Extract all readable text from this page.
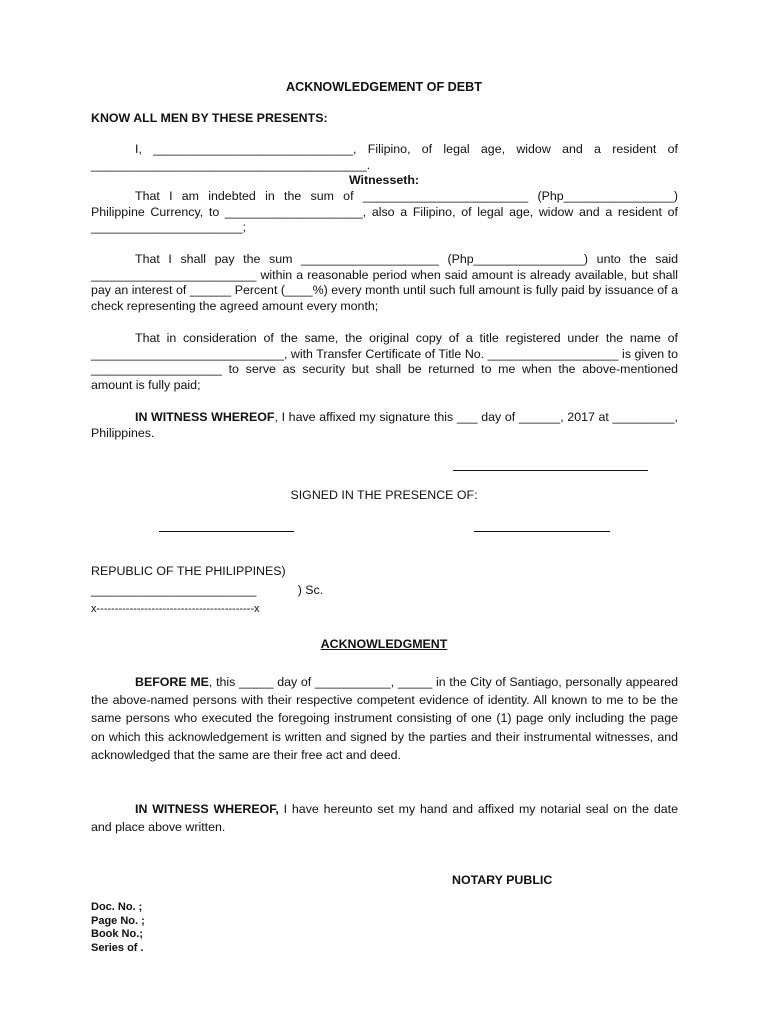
ACKNOWLEDGEMENT OF DEBT
KNOW ALL MEN BY THESE PRESENTS:

I, _____________________________, Filipino, of legal age, widow and a resident of ________________________________________.

Witnesseth:

That I am indebted in the sum of ________________________ (Php________________) Philippine Currency, to ____________________, also a Filipino, of legal age, widow and a resident of ______________________;

That I shall pay the sum ____________________ (Php________________) unto the said ________________________ within a reasonable period when said amount is already available, but shall pay an interest of ______ Percent (____%) every month until such full amount is fully paid by issuance of a check representing the agreed amount every month;

That in consideration of the same, the original copy of a title registered under the name of ____________________________, with Transfer Certificate of Title No. ___________________ is given to ___________________ to serve as security but shall be returned to me when the above-mentioned amount is fully paid;

IN WITNESS WHEREOF, I have affixed my signature this ___ day of ______, 2017 at _________, Philippines.

SIGNED IN THE PRESENCE OF:
REPUBLIC OF THE PHILIPPINES)
________________________            ) Sc.
x-------------------------------------------x
ACKNOWLEDGMENT

BEFORE ME, this _____ day of ___________, _____ in the City of Santiago, personally appeared the above-named persons with their respective competent evidence of identity. All known to me to be the same persons who executed the foregoing instrument consisting of one (1) page only including the page on which this acknowledgement is written and signed by the parties and their instrumental witnesses, and acknowledged that the same are their free act and deed.

IN WITNESS WHEREOF, I have hereunto set my hand and affixed my notarial seal on the date and place above written.

NOTARY PUBLIC
Doc. No. ;
Page No. ;
Book No.;
Series of .
